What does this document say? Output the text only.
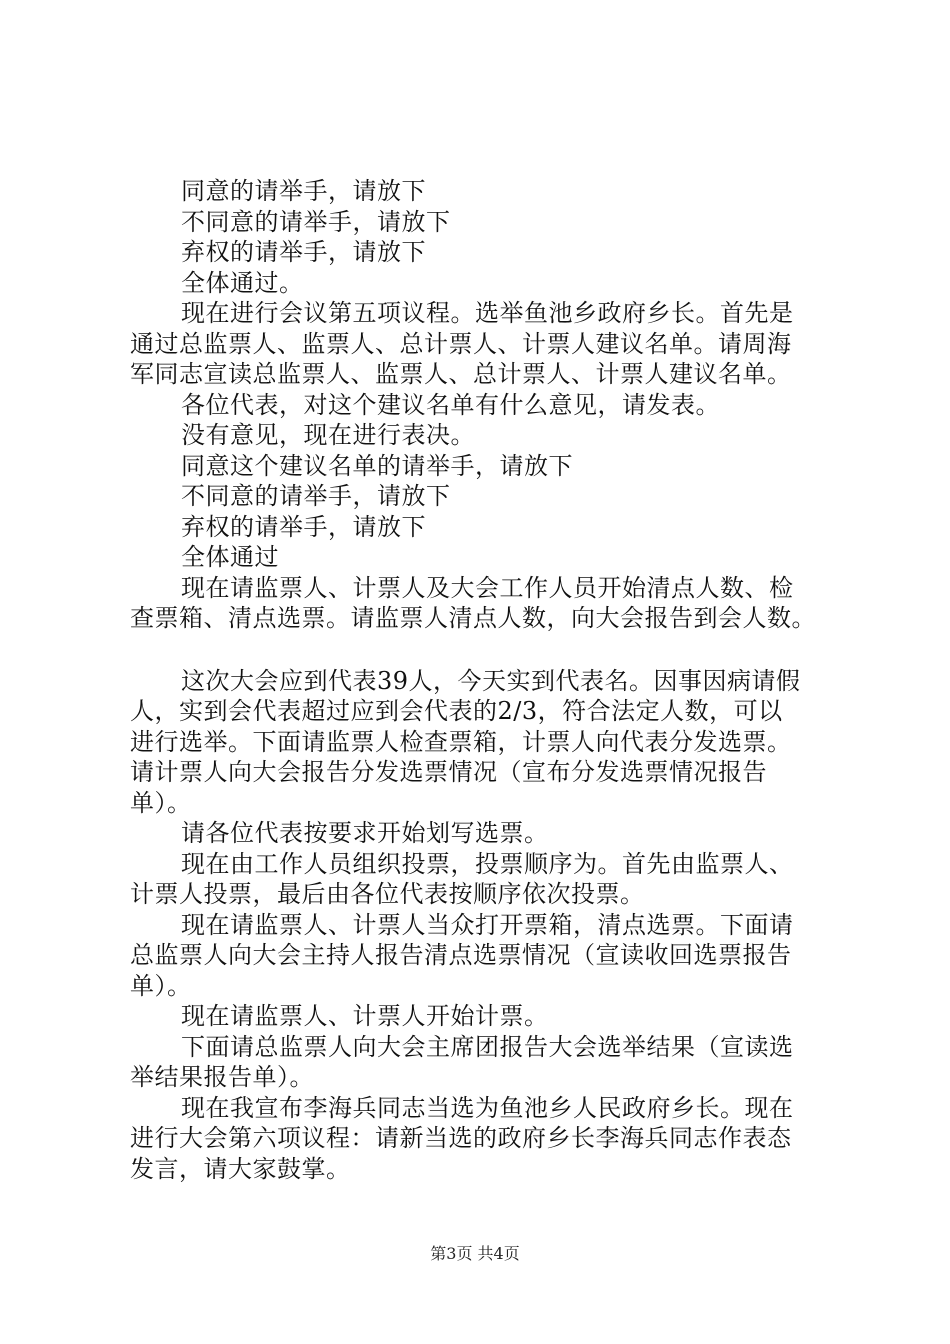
同意的请举手，请放下
不同意的请举手，请放下
弃权的请举手，请放下
全体通过。
现在进行会议第五项议程。选举鱼池乡政府乡长。首先是
通过总监票人、监票人、总计票人、计票人建议名单。请周海
军同志宣读总监票人、监票人、总计票人、计票人建议名单。
各位代表，对这个建议名单有什么意见，请发表。
没有意见，现在进行表决。
同意这个建议名单的请举手，请放下
不同意的请举手，请放下
弃权的请举手，请放下
全体通过
现在请监票人、计票人及大会工作人员开始清点人数、检
查票箱、清点选票。请监票人清点人数，向大会报告到会人数。
这次大会应到代表39人，今天实到代表名。因事因病请假
人，实到会代表超过应到会代表的2/3，符合法定人数，可以
进行选举。下面请监票人检查票箱，计票人向代表分发选票。
请计票人向大会报告分发选票情况（宣布分发选票情况报告
单）。
请各位代表按要求开始划写选票。
现在由工作人员组织投票，投票顺序为。首先由监票人、
计票人投票，最后由各位代表按顺序依次投票。
现在请监票人、计票人当众打开票箱，清点选票。下面请
总监票人向大会主持人报告清点选票情况（宣读收回选票报告
单）。
现在请监票人、计票人开始计票。
下面请总监票人向大会主席团报告大会选举结果（宣读选
举结果报告单）。
现在我宣布李海兵同志当选为鱼池乡人民政府乡长。现在
进行大会第六项议程：请新当选的政府乡长李海兵同志作表态
发言，请大家鼓掌。
第3页 共4页
